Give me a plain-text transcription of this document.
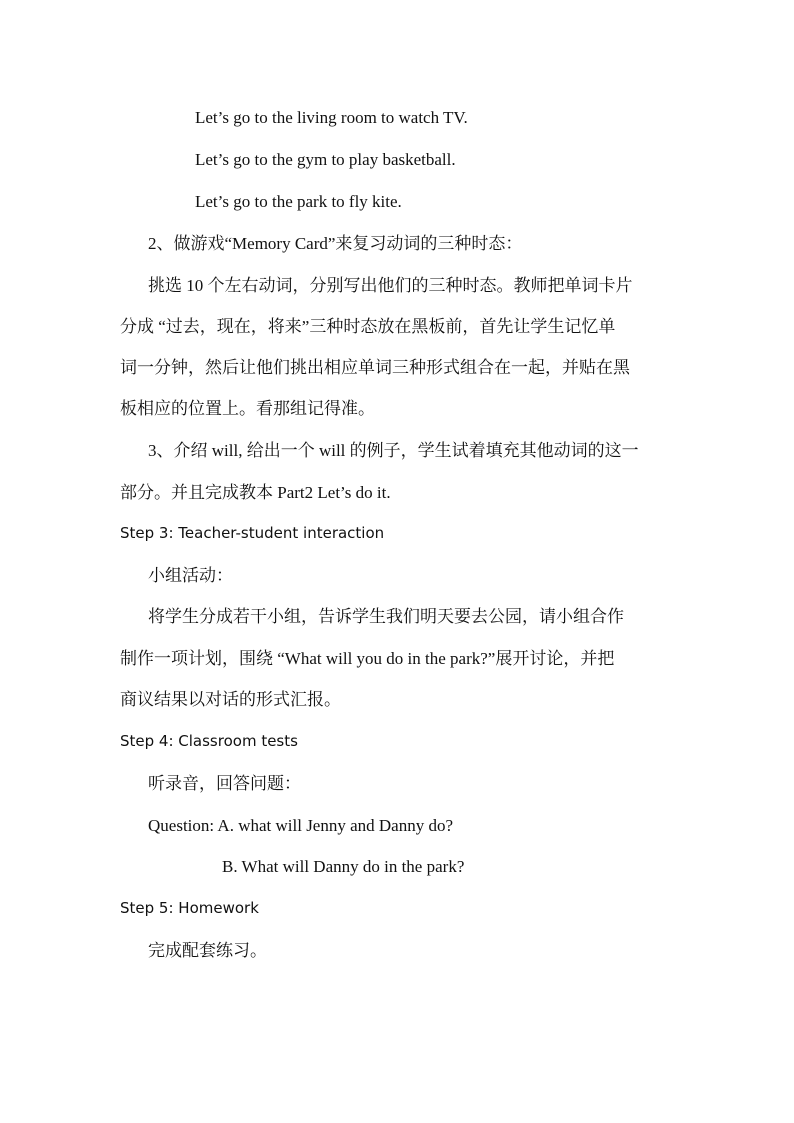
Let’s go to the living room to watch TV.
Let’s go to the gym to play basketball.
Let’s go to the park to fly kite.
2、做游戏“Memory Card”来复习动词的三种时态：
挑选 10 个左右动词，分别写出他们的三种时态。教师把单词卡片
分成 “过去，现在，将来”三种时态放在黑板前，首先让学生记忆单
词一分钟，然后让他们挑出相应单词三种形式组合在一起，并贴在黑
板相应的位置上。看那组记得准。
3、介绍 will, 给出一个 will 的例子，学生试着填充其他动词的这一
部分。并且完成教本 Part2 Let’s do it.
Step 3: Teacher-student interaction
小组活动：
将学生分成若干小组，告诉学生我们明天要去公园，请小组合作
制作一项计划，围绕 “What will you do in the park?”展开讨论，并把
商议结果以对话的形式汇报。
Step 4: Classroom tests
听录音，回答问题：
Question: A. what will Jenny and Danny do?
B. What will Danny do in the park?
Step 5: Homework
完成配套练习。
